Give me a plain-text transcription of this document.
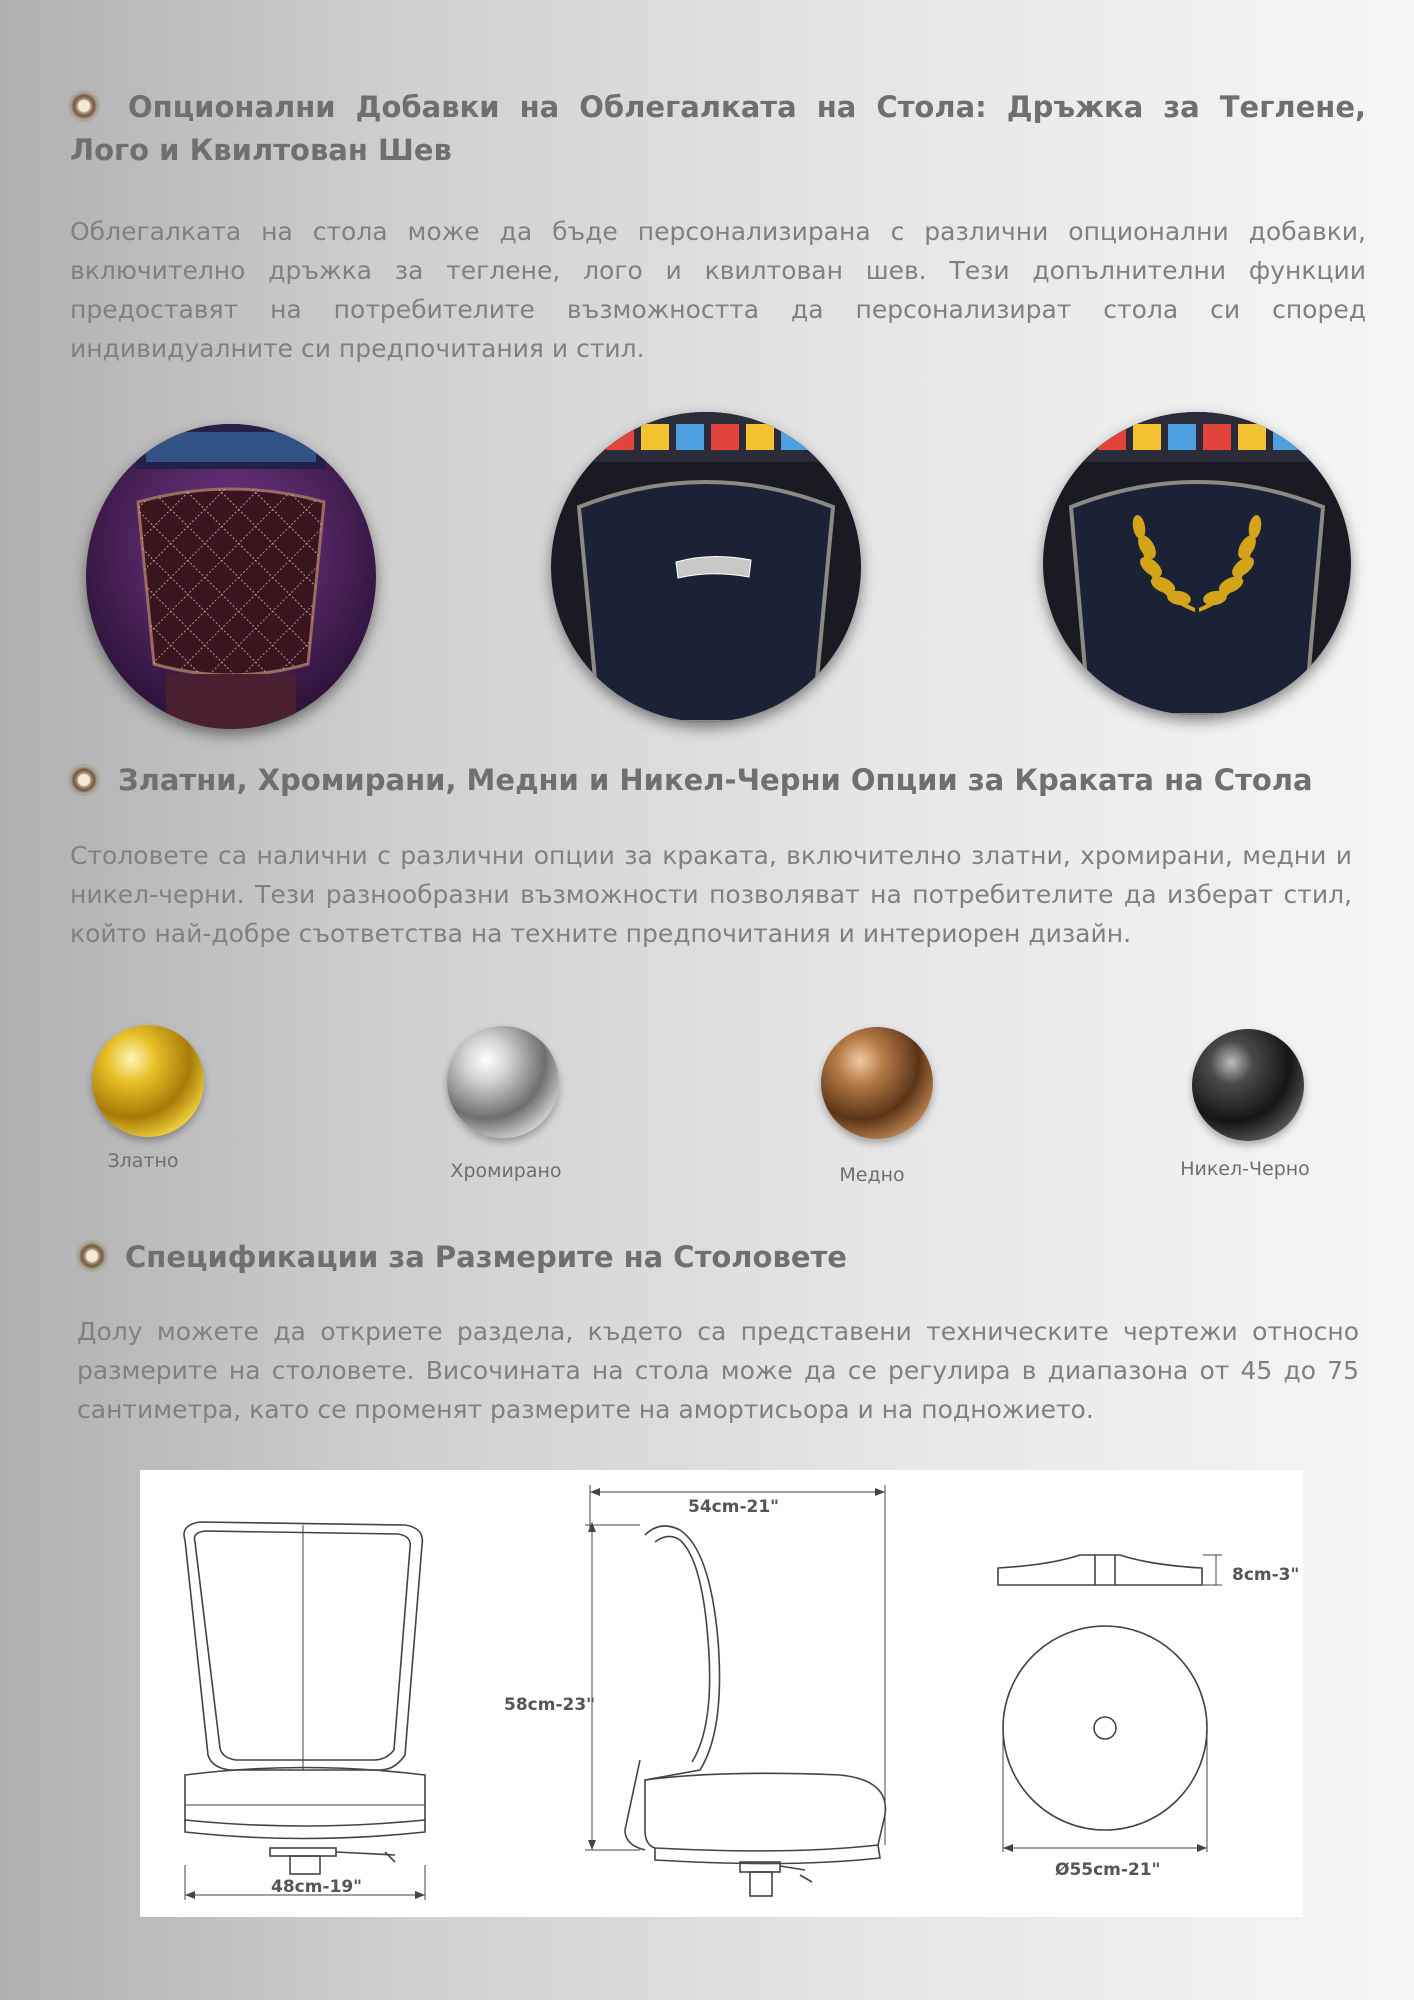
Опционални Добавки на Облегалката на Стола: Дръжка за Теглене, Лого и Квилтован Шев

Облегалката на стола може да бъде персонализирана с различни опционални добавки, включително дръжка за теглене, лого и квилтован шев. Тези допълнителни функции предоставят на потребителите възможността да персонализират стола си според индивидуалните си предпочитания и стил.

Златни, Хромирани, Медни и Никел-Черни Опции за Краката на Стола

Столовете са налични с различни опции за краката, включително златни, хромирани, медни и никел-черни. Тези разнообразни възможности позволяват на потребителите да изберат стил, който най-добре съответства на техните предпочитания и интериорен дизайн.

Златно	Хромирано	Медно	Никел-Черно
Спецификации за Размерите на Столовете

Долу можете да откриете раздела, където са представени техническите чертежи относно размерите на столовете. Височината на стола може да се регулира в диапазона от 45 до 75 сантиметра, като се променят размерите на амортисьора и на подножието.

48cm-19"
54cm-21"
58cm-23"
8cm-3"
Ø55cm-21"
